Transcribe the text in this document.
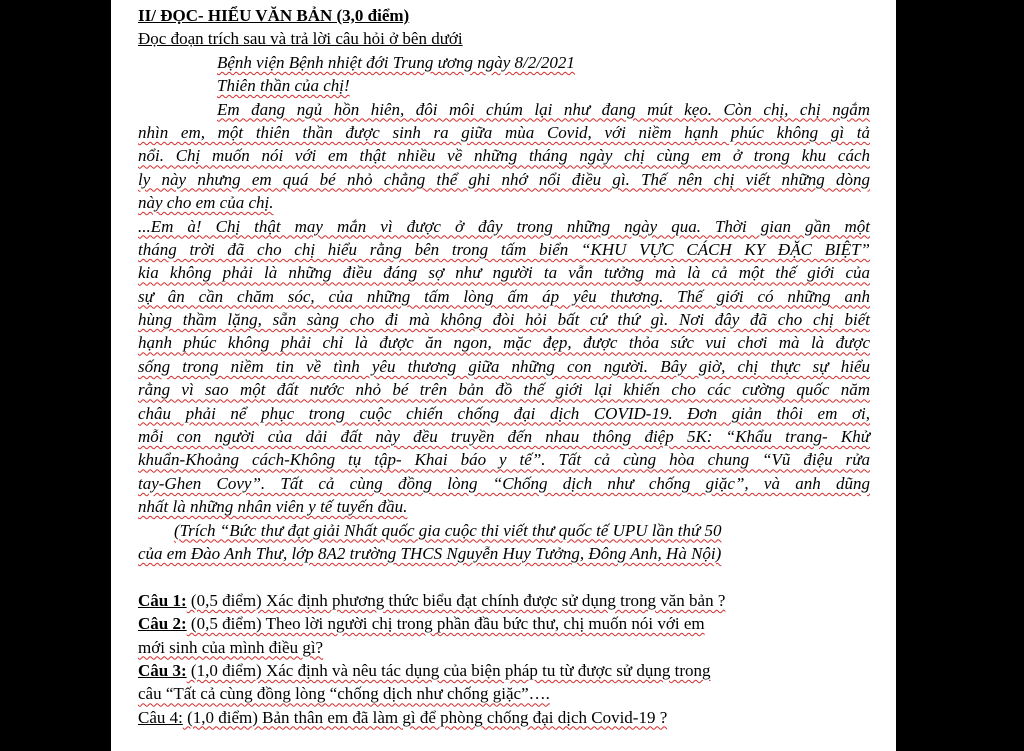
II/ ĐỌC- HIỂU VĂN BẢN (3,0 điểm)
Đọc đoạn trích sau và trả lời câu hỏi ở bên dưới
Bệnh viện Bệnh nhiệt đới Trung ương ngày 8/2/2021
Thiên thần của chị!
Em đang ngủ hồn hiên, đôi môi chúm lại như đang mút kẹo. Còn chị, chị ngắm
nhìn em, một thiên thần được sinh ra giữa mùa Covid, với niềm hạnh phúc không gì tả
nổi. Chị muốn nói với em thật nhiều về những tháng ngày chị cùng em ở trong khu cách
ly này nhưng em quá bé nhỏ chẳng thể ghi nhớ nổi điều gì. Thế nên chị viết những dòng
này cho em của chị.
...Em à! Chị thật may mắn vì được ở đây trong những ngày qua. Thời gian gần một
tháng trời đã cho chị hiểu rằng bên trong tấm biển “KHU VỰC CÁCH KY ĐẶC BIỆT”
kia không phải là những điều đáng sợ như người ta vẫn tưởng mà là cả một thế giới của
sự ân cần chăm sóc, của những tấm lòng ấm áp yêu thương. Thế giới có những anh
hùng thầm lặng, sẵn sàng cho đi mà không đòi hỏi bất cứ thứ gì. Nơi đây đã cho chị biết
hạnh phúc không phải chỉ là được ăn ngon, mặc đẹp, được thỏa sức vui chơi mà là được
sống trong niềm tin về tình yêu thương giữa những con người. Bây giờ, chị thực sự hiểu
rằng vì sao một đất nước nhỏ bé trên bản đồ thế giới lại khiến cho các cường quốc năm
châu phải nể phục trong cuộc chiến chống đại dịch COVID-19. Đơn giản thôi em ơi,
mỗi con người của dải đất này đều truyền đến nhau thông điệp 5K: “Khẩu trang- Khử
khuẩn-Khoảng cách-Không tụ tập- Khai báo y tế”. Tất cả cùng hòa chung “Vũ điệu rửa
tay-Ghen Covy”. Tất cả cùng đồng lòng “Chống dịch như chống giặc”, và anh dũng
nhất là những nhân viên y tế tuyến đầu.
(Trích “Bức thư đạt giải Nhất quốc gia cuộc thi viết thư quốc tế UPU lần thứ 50
của em Đào Anh Thư, lớp 8A2 trường THCS Nguyễn Huy Tưởng, Đông Anh, Hà Nội)
Câu 1: (0,5 điểm) Xác định phương thức biểu đạt chính được sử dụng trong văn bản ?
Câu 2: (0,5 điểm) Theo lời người chị trong phần đầu bức thư, chị muốn nói với em
mới sinh của mình điều gì?
Câu 3: (1,0 điểm) Xác định và nêu tác dụng của biện pháp tu từ được sử dụng trong
câu “Tất cả cùng đồng lòng “chống dịch như chống giặc”….
Câu 4: (1,0 điểm) Bản thân em đã làm gì để phòng chống đại dịch Covid-19 ?
